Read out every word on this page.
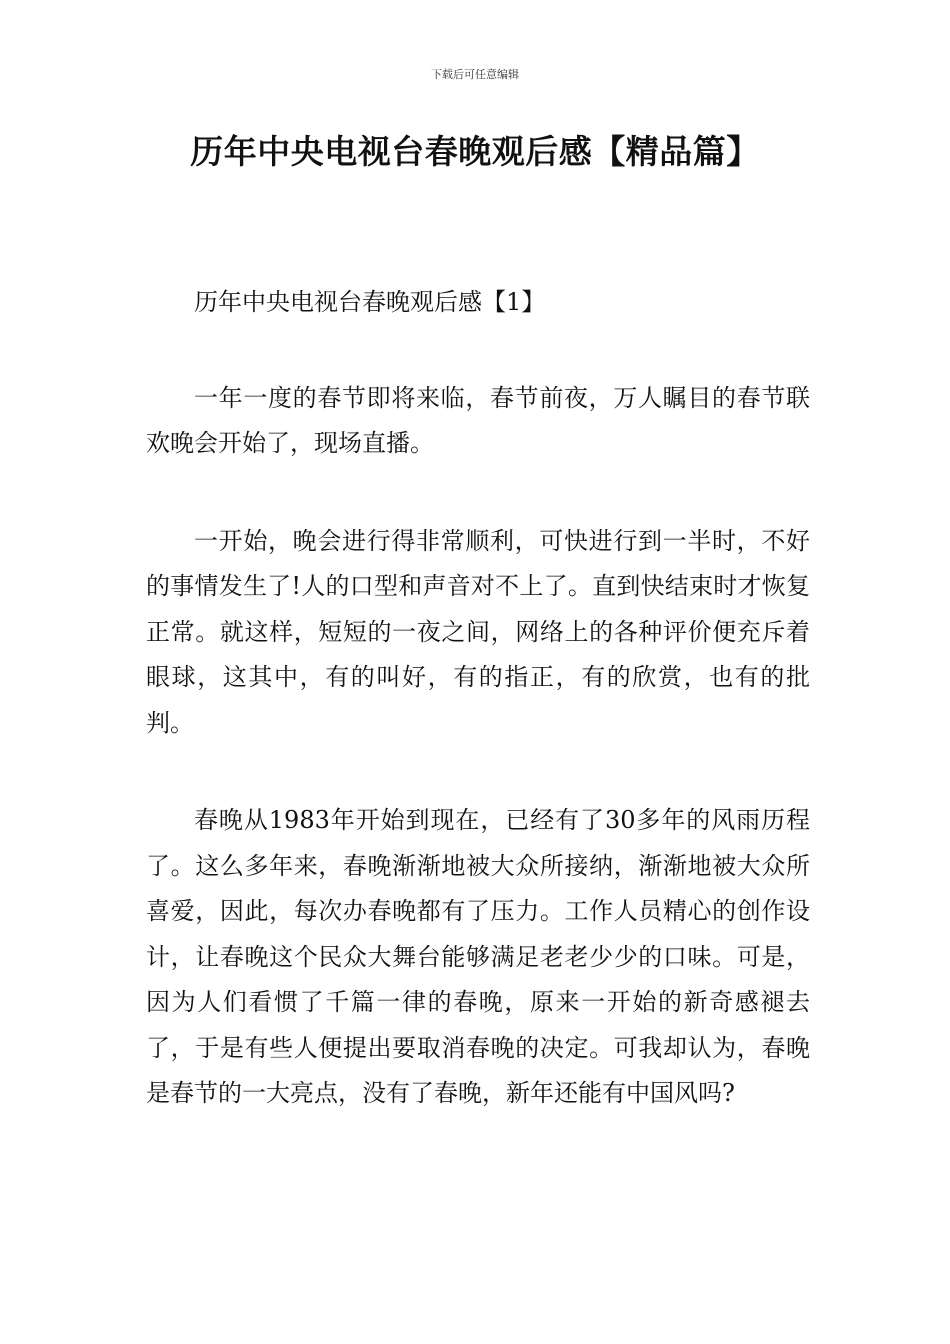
下载后可任意编辑
历年中央电视台春晚观后感【精品篇】

历年中央电视台春晚观后感【1】

一年一度的春节即将来临，春节前夜，万人瞩目的春节联欢晚会开始了，现场直播。

一开始，晚会进行得非常顺利，可快进行到一半时，不好的事情发生了!人的口型和声音对不上了。直到快结束时才恢复正常。就这样，短短的一夜之间，网络上的各种评价便充斥着眼球，这其中，有的叫好，有的指正，有的欣赏，也有的批判。

春晚从1983年开始到现在，已经有了30多年的风雨历程了。这么多年来，春晚渐渐地被大众所接纳，渐渐地被大众所喜爱，因此，每次办春晚都有了压力。工作人员精心的创作设计，让春晚这个民众大舞台能够满足老老少少的口味。可是，因为人们看惯了千篇一律的春晚，原来一开始的新奇感褪去了，于是有些人便提出要取消春晚的决定。可我却认为，春晚是春节的一大亮点，没有了春晚，新年还能有中国风吗?
